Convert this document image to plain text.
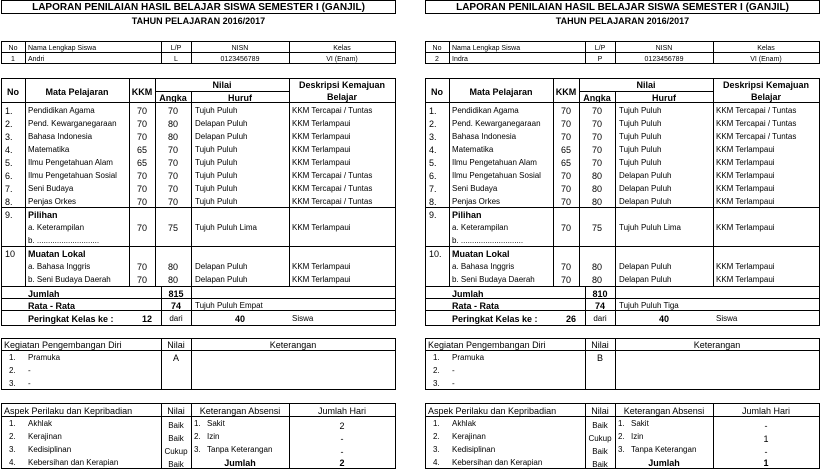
LAPORAN PENILAIAN HASIL BELAJAR SISWA SEMESTER I (GANJIL)
TAHUN PELAJARAN 2016/2017
No	Nama Lengkap Siswa	L/P	NISN	Kelas
1	Andri	L	0123456789	VI (Enam)
No	Mata Pelajaran	KKM
Nilai
Angka	Huruf
Deskripsi Kemajuan
Belajar
1.	Pendidikan Agama	70	70	Tujuh Puluh	KKM Tercapai / Tuntas
2.	Pend. Kewarganegaraan	70	80	Delapan Puluh	KKM Terlampaui
3.	Bahasa Indonesia	70	80	Delapan Puluh	KKM Terlampaui
4.	Matematika	65	70	Tujuh Puluh	KKM Terlampaui
5.	Ilmu Pengetahuan Alam	65	70	Tujuh Puluh	KKM Terlampaui
6.	Ilmu Pengetahuan Sosial	70	70	Tujuh Puluh	KKM Tercapai / Tuntas
7.	Seni Budaya	70	70	Tujuh Puluh	KKM Tercapai / Tuntas
8.	Penjas Orkes	70	70	Tujuh Puluh	KKM Tercapai / Tuntas
9.	Pilihan
a. Keterampilan	70	75	Tujuh Puluh Lima	KKM Terlampaui
b. ............................
10	Muatan Lokal
a. Bahasa Inggris	70	80	Delapan Puluh	KKM Terlampaui
b. Seni Budaya Daerah	70	80	Delapan Puluh	KKM Terlampaui
Jumlah	815
Rata - Rata	74	Tujuh Puluh Empat
Peringkat Kelas ke :	12	dari	40	Siswa
Kegiatan Pengembangan Diri	Nilai	Keterangan
1.	Pramuka	A
2.	-
3.	-
Aspek Perilaku dan Kepribadian	Nilai	Keterangan Absensi	Jumlah Hari
1.	Akhlak	Baik	1. Sakit	2
2.	Kerajinan	Baik	2. Izin	-
3.	Kedisiplinan	Cukup 3. Tanpa Keterangan	-
4.	Kebersihan dan Kerapian	Baik	Jumlah	2
LAPORAN PENILAIAN HASIL BELAJAR SISWA SEMESTER I (GANJIL)
TAHUN PELAJARAN 2016/2017
No	Nama Lengkap Siswa	L/P	NISN	Kelas
2	Indra	P	0123456789	VI (Enam)
No	Mata Pelajaran	KKM
Nilai
Angka	Huruf
Deskripsi Kemajuan
Belajar
1.	Pendidikan Agama	70	70	Tujuh Puluh	KKM Tercapai / Tuntas
2.	Pend. Kewarganegaraan	70	70	Tujuh Puluh	KKM Tercapai / Tuntas
3.	Bahasa Indonesia	70	70	Tujuh Puluh	KKM Tercapai / Tuntas
4.	Matematika	65	70	Tujuh Puluh	KKM Terlampaui
5.	Ilmu Pengetahuan Alam	65	70	Tujuh Puluh	KKM Terlampaui
6.	Ilmu Pengetahuan Sosial	70	80	Delapan Puluh	KKM Terlampaui
7.	Seni Budaya	70	80	Delapan Puluh	KKM Terlampaui
8.	Penjas Orkes	70	80	Delapan Puluh	KKM Terlampaui
9.	Pilihan
a. Keterampilan	70	75	Tujuh Puluh Lima	KKM Terlampaui
b. ............................
10.	Muatan Lokal
a. Bahasa Inggris	70	80	Delapan Puluh	KKM Terlampaui
b. Seni Budaya Daerah	70	80	Delapan Puluh	KKM Terlampaui
Jumlah	810
Rata - Rata	74	Tujuh Puluh Tiga
Peringkat Kelas ke :	26	dari	40	Siswa
Kegiatan Pengembangan Diri	Nilai	Keterangan
1.	Pramuka	B
2.	-
3.	-
Aspek Perilaku dan Kepribadian	Nilai	Keterangan Absensi	Jumlah Hari
1.	Akhlak	Baik	1. Sakit	-
2.	Kerajinan	Cukup 2. Izin	1
3.	Kedisiplinan	Baik	3. Tanpa Keterangan	-
4.	Kebersihan dan Kerapian	Baik	Jumlah	1
